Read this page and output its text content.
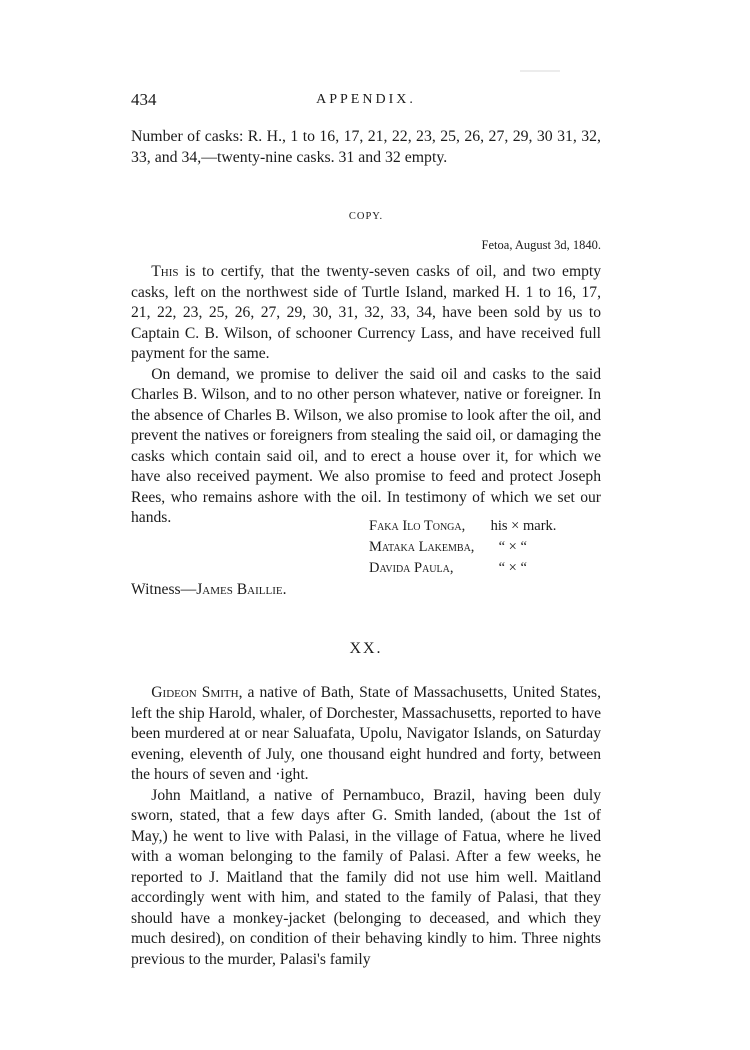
434	APPENDIX.

Number of casks: R. H., 1 to 16, 17, 21, 22, 23, 25, 26, 27, 29, 30 31, 32, 33, and 34,—twenty-nine casks. 31 and 32 empty.

COPY.
Fetoa, August 3d, 1840.

This is to certify, that the twenty-seven casks of oil, and two empty casks, left on the northwest side of Turtle Island, marked H. 1 to 16, 17, 21, 22, 23, 25, 26, 27, 29, 30, 31, 32, 33, 34, have been sold by us to Captain C. B. Wilson, of schooner Currency Lass, and have received full payment for the same.

On demand, we promise to deliver the said oil and casks to the said Charles B. Wilson, and to no other person whatever, native or foreigner. In the absence of Charles B. Wilson, we also promise to look after the oil, and prevent the natives or foreigners from stealing the said oil, or damaging the casks which contain said oil, and to erect a house over it, for which we have also received payment. We also promise to feed and protect Joseph Rees, who remains ashore with the oil. In testimony of which we set our hands.	Faka Ilo Tonga, his × mark.
Mataka Lakemba, “ × “
Davida Paula,	“ × “
Witness—James Baillie.
XX.

Gideon Smith, a native of Bath, State of Massachusetts, United States, left the ship Harold, whaler, of Dorchester, Massachusetts, reported to have been murdered at or near Saluafata, Upolu, Navigator Islands, on Saturday evening, eleventh of July, one thousand eight hundred and forty, between the hours of seven and ·ight.

John Maitland, a native of Pernambuco, Brazil, having been duly sworn, stated, that a few days after G. Smith landed, (about the 1st of May,) he went to live with Palasi, in the village of Fatua, where he lived with a woman belonging to the family of Palasi. After a few weeks, he reported to J. Maitland that the family did not use him well. Maitland accordingly went with him, and stated to the family of Palasi, that they should have a monkey-jacket (belonging to deceased, and which they much desired), on condition of their behaving kindly to him. Three nights previous to the murder, Palasi's family
